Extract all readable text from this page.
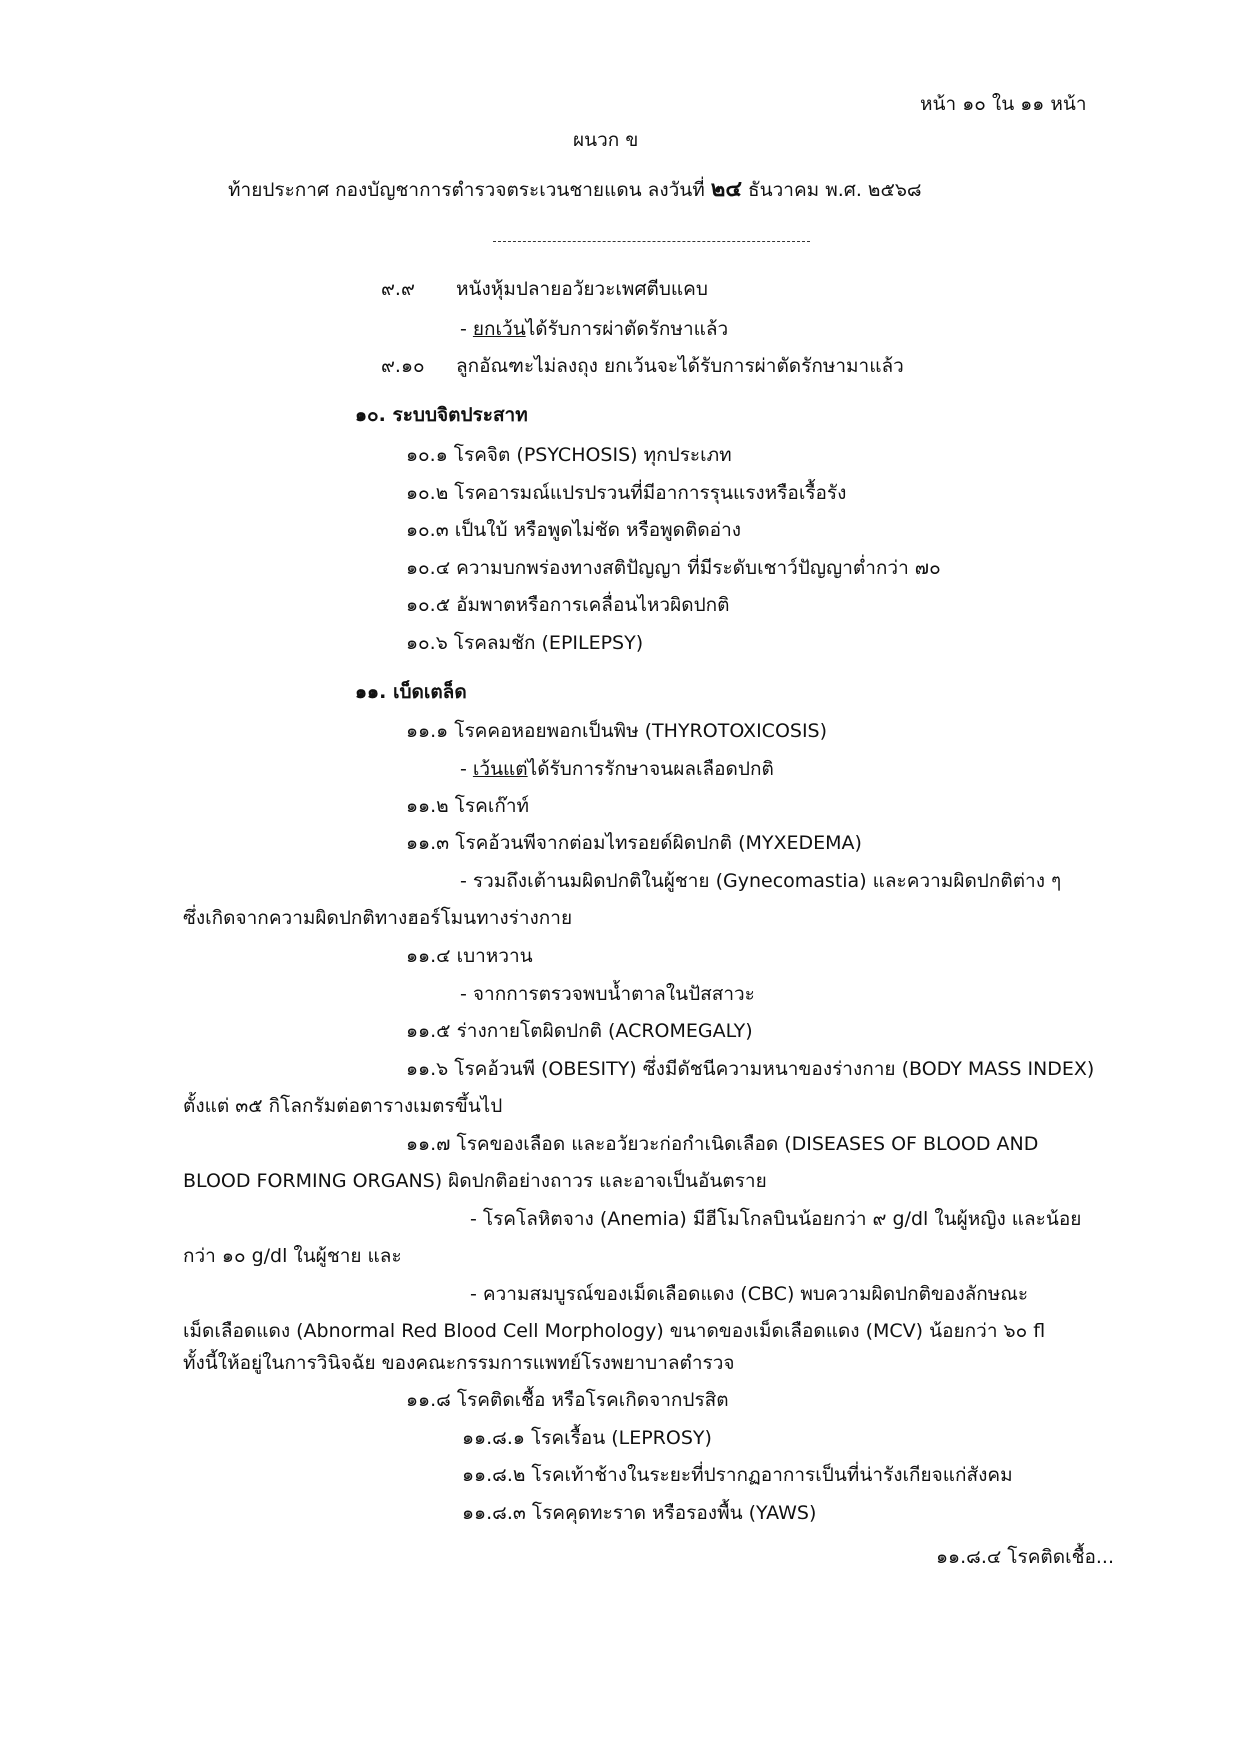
หน้า ๑๐ ใน ๑๑ หน้า
ผนวก ข
ท้ายประกาศ กองบัญชาการตำรวจตระเวนชายแดน ลงวันที่ ๒๔ ธันวาคม พ.ศ. ๒๕๖๘
๙.๙ หนังหุ้มปลายอวัยวะเพศตีบแคบ
- ยกเว้นได้รับการผ่าตัดรักษาแล้ว
๙.๑๐ ลูกอัณฑะไม่ลงถุง ยกเว้นจะได้รับการผ่าตัดรักษามาแล้ว
๑๐. ระบบจิตประสาท
๑๐.๑ โรคจิต (PSYCHOSIS) ทุกประเภท
๑๐.๒ โรคอารมณ์แปรปรวนที่มีอาการรุนแรงหรือเรื้อรัง
๑๐.๓ เป็นใบ้ หรือพูดไม่ชัด หรือพูดติดอ่าง
๑๐.๔ ความบกพร่องทางสติปัญญา ที่มีระดับเชาว์ปัญญาต่ำกว่า ๗๐
๑๐.๕ อัมพาตหรือการเคลื่อนไหวผิดปกติ
๑๐.๖ โรคลมชัก (EPILEPSY)
๑๑. เบ็ดเตล็ด
๑๑.๑ โรคคอหอยพอกเป็นพิษ (THYROTOXICOSIS)
- เว้นแต่ได้รับการรักษาจนผลเลือดปกติ
๑๑.๒ โรคเก๊าท์
๑๑.๓ โรคอ้วนพีจากต่อมไทรอยด์ผิดปกติ (MYXEDEMA)
- รวมถึงเต้านมผิดปกติในผู้ชาย (Gynecomastia) และความผิดปกติต่าง ๆ
ซึ่งเกิดจากความผิดปกติทางฮอร์โมนทางร่างกาย
๑๑.๔ เบาหวาน
- จากการตรวจพบน้ำตาลในปัสสาวะ
๑๑.๕ ร่างกายโตผิดปกติ (ACROMEGALY)
๑๑.๖ โรคอ้วนพี (OBESITY) ซึ่งมีดัชนีความหนาของร่างกาย (BODY MASS INDEX)
ตั้งแต่ ๓๕ กิโลกรัมต่อตารางเมตรขึ้นไป
๑๑.๗ โรคของเลือด และอวัยวะก่อกำเนิดเลือด (DISEASES OF BLOOD AND
BLOOD FORMING ORGANS) ผิดปกติอย่างถาวร และอาจเป็นอันตราย
- โรคโลหิตจาง (Anemia) มีฮีโมโกลบินน้อยกว่า ๙ g/dl ในผู้หญิง และน้อย
กว่า ๑๐ g/dl ในผู้ชาย และ
- ความสมบูรณ์ของเม็ดเลือดแดง (CBC) พบความผิดปกติของลักษณะ
เม็ดเลือดแดง (Abnormal Red Blood Cell Morphology) ขนาดของเม็ดเลือดแดง (MCV) น้อยกว่า ๖๐ fl
ทั้งนี้ให้อยู่ในการวินิจฉัย ของคณะกรรมการแพทย์โรงพยาบาลตำรวจ
๑๑.๘ โรคติดเชื้อ หรือโรคเกิดจากปรสิต
๑๑.๘.๑ โรคเรื้อน (LEPROSY)
๑๑.๘.๒ โรคเท้าช้างในระยะที่ปรากฏอาการเป็นที่น่ารังเกียจแก่สังคม
๑๑.๘.๓ โรคคุดทะราด หรือรองพื้น (YAWS)
๑๑.๘.๔ โรคติดเชื้อ...
